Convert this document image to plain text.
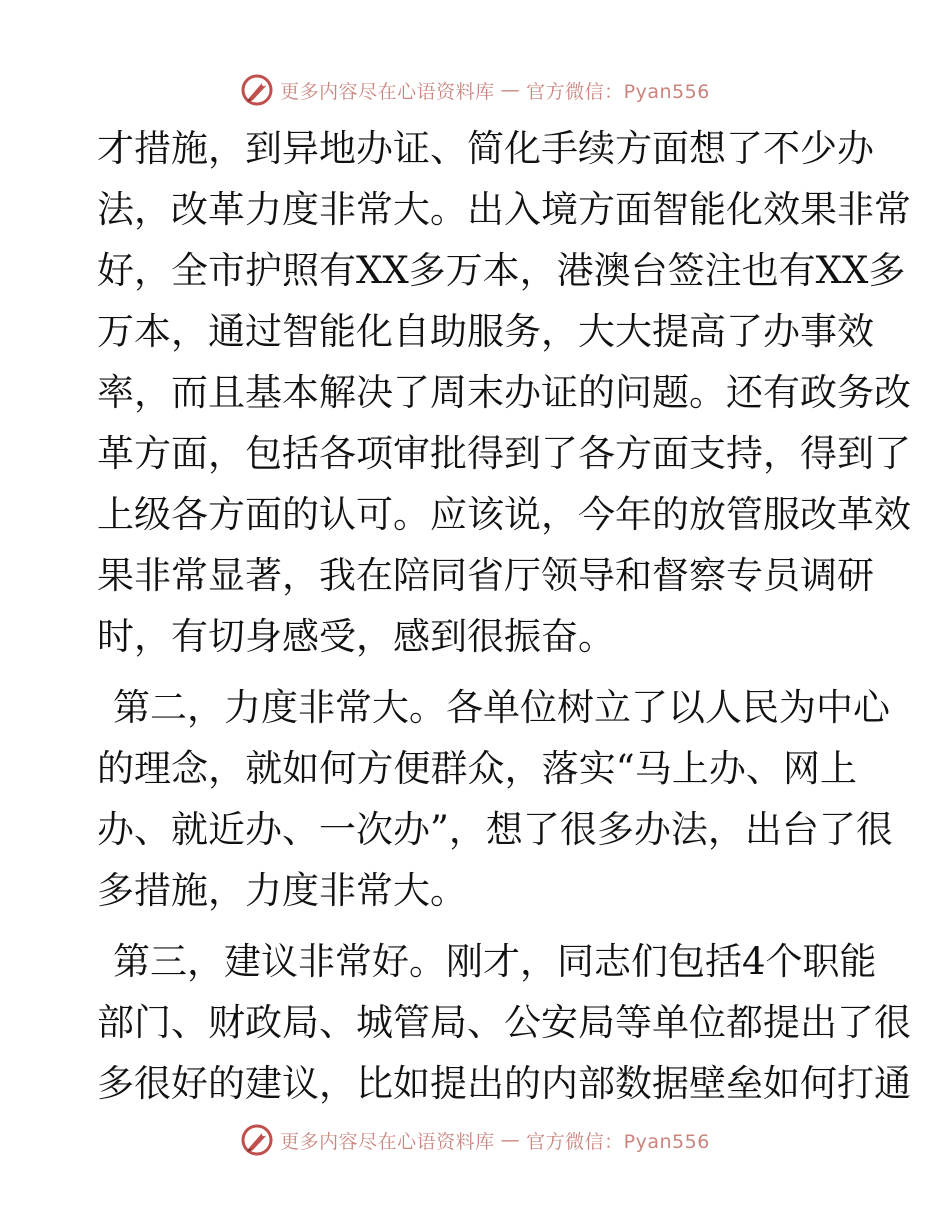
更多内容尽在心语资料库 — 官方微信：Pyan556
才措施，到异地办证、简化手续方面想了不少办
法，改革力度非常大。出入境方面智能化效果非常
好，全市护照有XX多万本，港澳台签注也有XX多
万本，通过智能化自助服务，大大提高了办事效
率，而且基本解决了周末办证的问题。还有政务改
革方面，包括各项审批得到了各方面支持，得到了
上级各方面的认可。应该说，今年的放管服改革效
果非常显著，我在陪同省厅领导和督察专员调研
时，有切身感受，感到很振奋。
第二，力度非常大。各单位树立了以人民为中心
的理念，就如何方便群众，落实“马上办、网上
办、就近办、一次办”，想了很多办法，出台了很
多措施，力度非常大。
第三，建议非常好。刚才，同志们包括4个职能
部门、财政局、城管局、公安局等单位都提出了很
多很好的建议，比如提出的内部数据壁垒如何打通
更多内容尽在心语资料库 — 官方微信：Pyan556
